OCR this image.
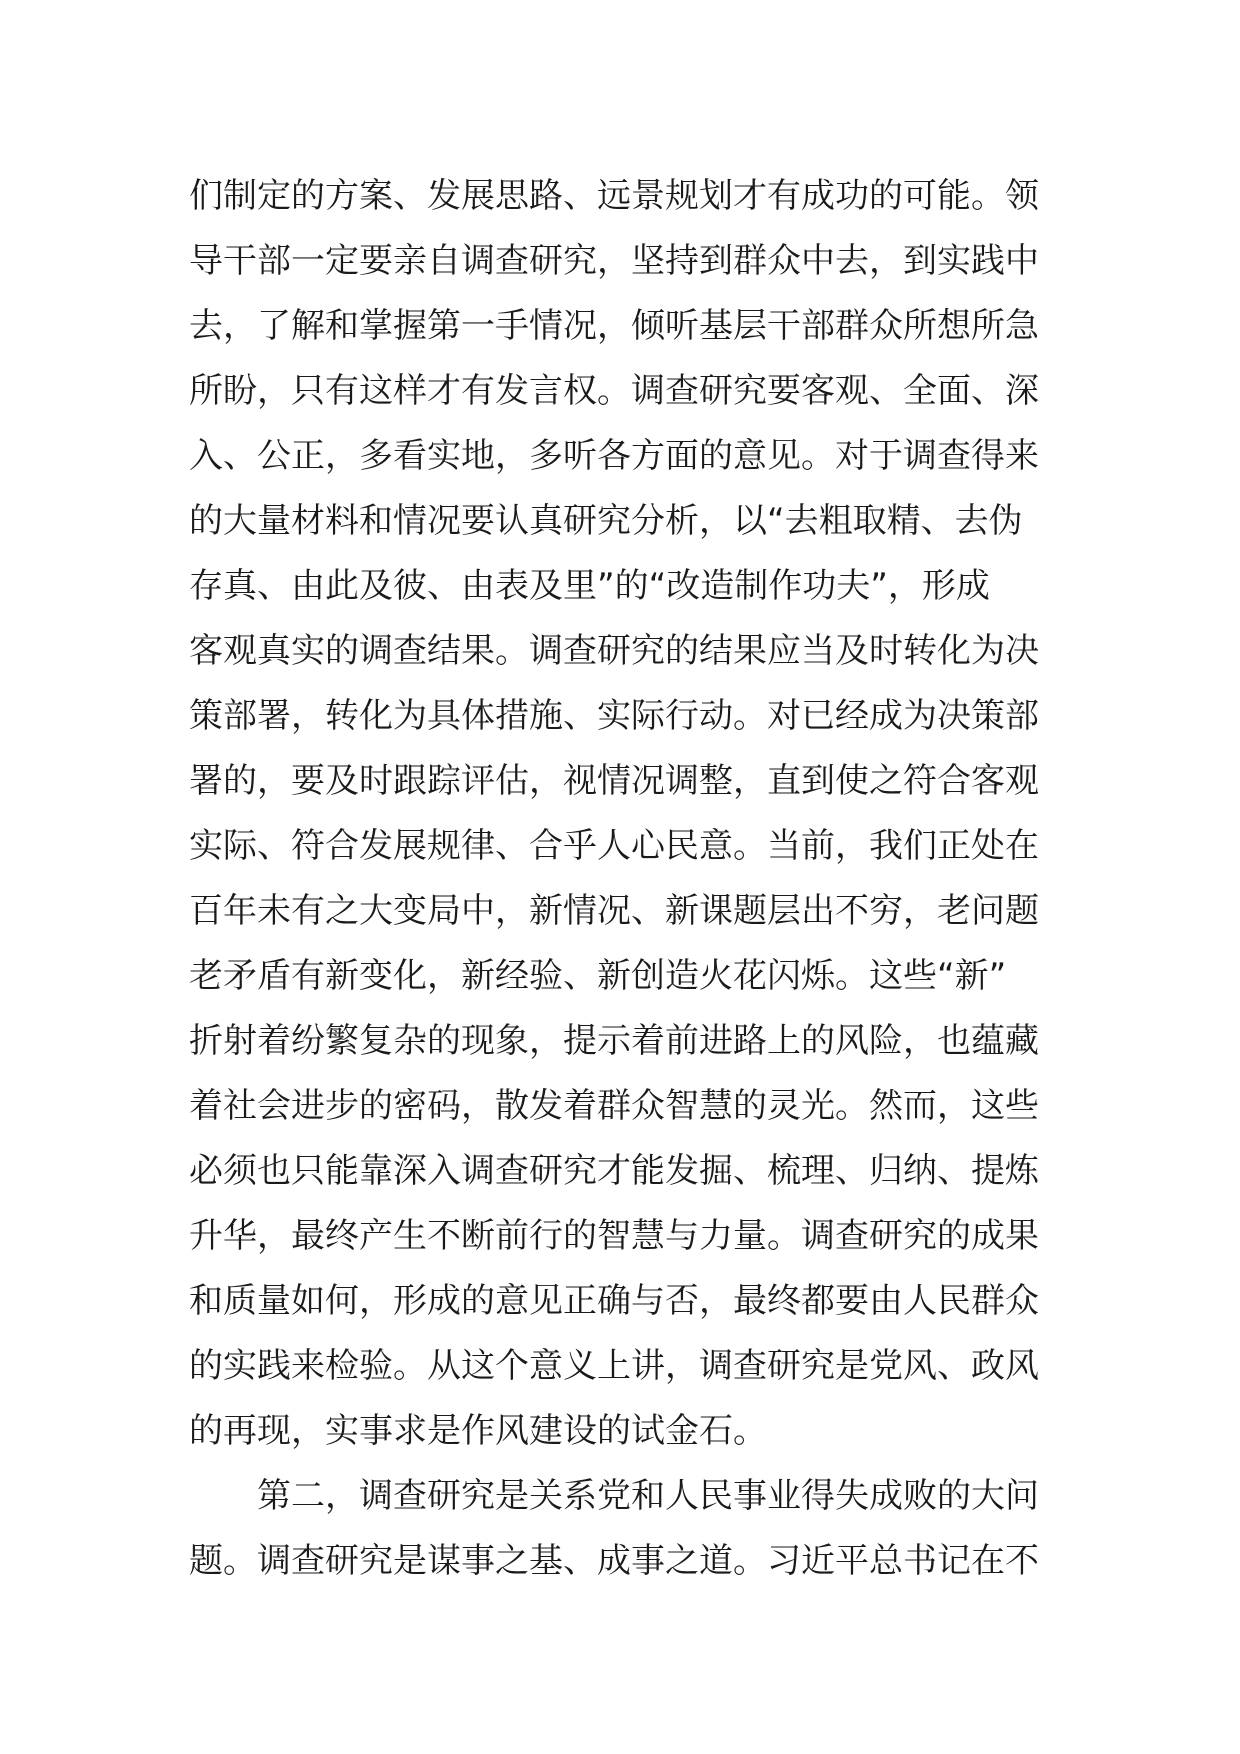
们制定的方案、发展思路、远景规划才有成功的可能。领
导干部一定要亲自调查研究，坚持到群众中去，到实践中
去，了解和掌握第一手情况，倾听基层干部群众所想所急
所盼，只有这样才有发言权。调查研究要客观、全面、深
入、公正，多看实地，多听各方面的意见。对于调查得来
的大量材料和情况要认真研究分析，以“去粗取精、去伪
存真、由此及彼、由表及里”的“改造制作功夫”，形成
客观真实的调查结果。调查研究的结果应当及时转化为决
策部署，转化为具体措施、实际行动。对已经成为决策部
署的，要及时跟踪评估，视情况调整，直到使之符合客观
实际、符合发展规律、合乎人心民意。当前，我们正处在
百年未有之大变局中，新情况、新课题层出不穷，老问题
老矛盾有新变化，新经验、新创造火花闪烁。这些“新”
折射着纷繁复杂的现象，提示着前进路上的风险，也蕴藏
着社会进步的密码，散发着群众智慧的灵光。然而，这些
必须也只能靠深入调查研究才能发掘、梳理、归纳、提炼
升华，最终产生不断前行的智慧与力量。调查研究的成果
和质量如何，形成的意见正确与否，最终都要由人民群众
的实践来检验。从这个意义上讲，调查研究是党风、政风
的再现，实事求是作风建设的试金石。
第二，调查研究是关系党和人民事业得失成败的大问
题。调查研究是谋事之基、成事之道。习近平总书记在不
